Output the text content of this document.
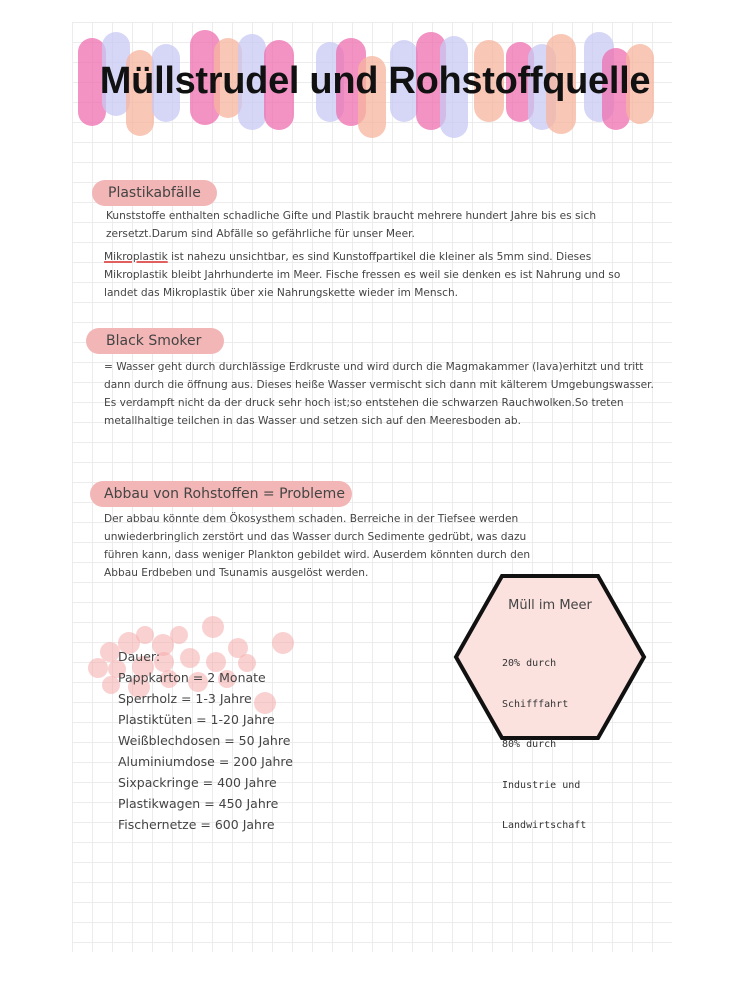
Müllstrudel und Rohstoffquelle
Plastikabfälle

Kunststoffe enthalten schadliche Gifte und Plastik braucht mehrere hundert Jahre bis es sich zersetzt.Darum sind Abfälle so gefährliche für unser Meer.

Mikroplastik ist nahezu unsichtbar, es sind Kunstoffpartikel die kleiner als 5mm sind. Dieses Mikroplastik bleibt Jahrhunderte im Meer. Fische fressen es weil sie denken es ist Nahrung und so landet das Mikroplastik über xie Nahrungskette wieder im Mensch.

Black Smoker

= Wasser geht durch durchlässige Erdkruste und wird durch die Magmakammer (lava)erhitzt und tritt dann durch die öffnung aus. Dieses heiße Wasser vermischt sich dann mit kälterem Umgebungswasser. Es verdampft nicht da der druck sehr hoch ist;so entstehen die schwarzen Rauchwolken.So treten metallhaltige teilchen in das Wasser und setzen sich auf den Meeresboden ab.

Abbau von Rohstoffen = Probleme

Der abbau könnte dem Ökosysthem schaden. Berreiche in der Tiefsee werden unwiederbringlich zerstört und das Wasser durch Sedimente gedrübt, was dazu führen kann, dass weniger Plankton gebildet wird. Auserdem könnten durch den Abbau Erdbeben und Tsunamis ausgelöst werden.

Müll im Meer

20% durch

Schifffahrt

80% durch

Industrie und

Landwirtschaft

Dauer:
Pappkarton = 2 Monate
Sperrholz = 1-3 Jahre
Plastiktüten = 1-20 Jahre
Weißblechdosen = 50 Jahre
Aluminiumdose = 200 Jahre
Sixpackringe = 400 Jahre
Plastikwagen = 450 Jahre
Fischernetze = 600 Jahre
